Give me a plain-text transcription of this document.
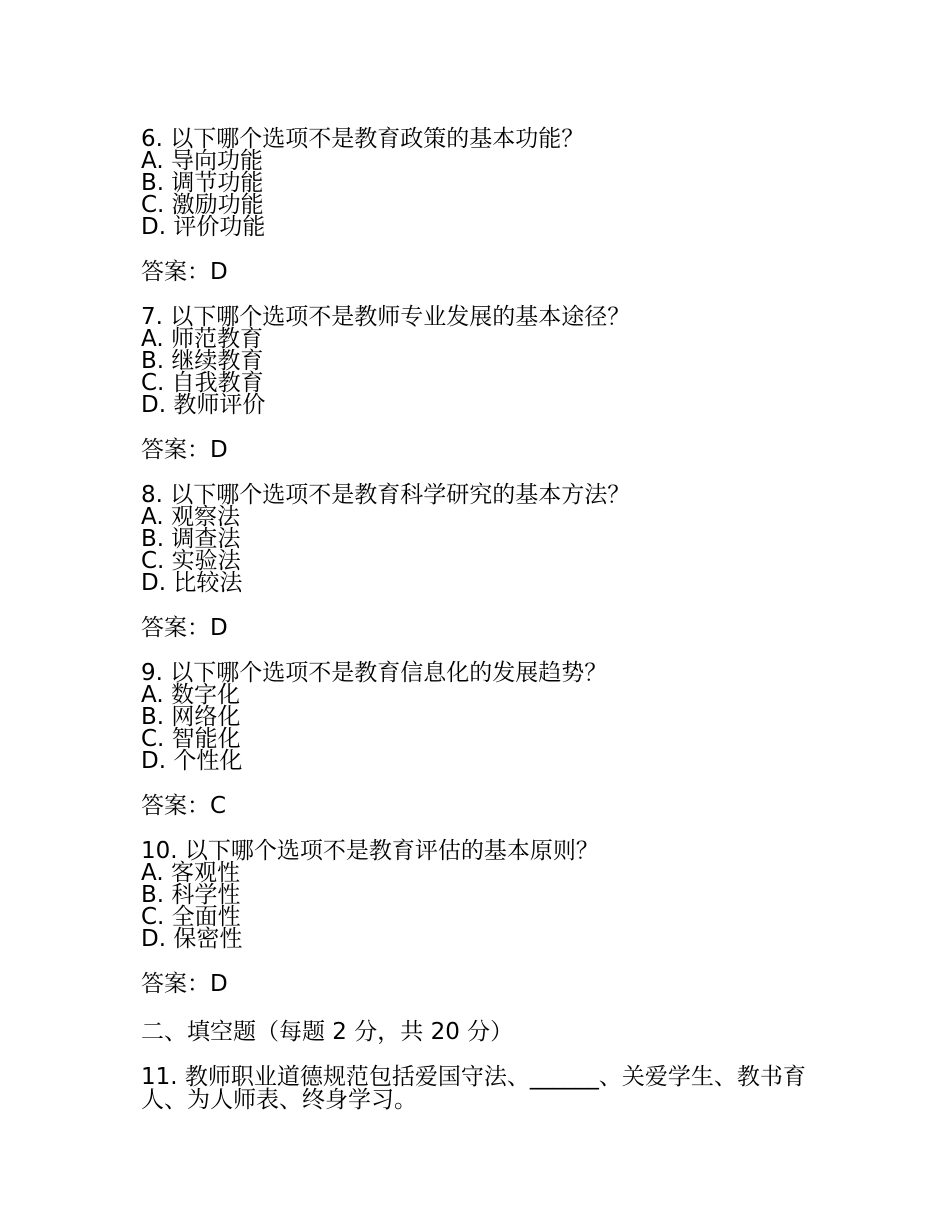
6. 以下哪个选项不是教育政策的基本功能？

A. 导向功能

B. 调节功能

C. 激励功能

D. 评价功能

答案：D

7. 以下哪个选项不是教师专业发展的基本途径？

A. 师范教育

B. 继续教育

C. 自我教育

D. 教师评价

答案：D

8. 以下哪个选项不是教育科学研究的基本方法？

A. 观察法

B. 调查法

C. 实验法

D. 比较法

答案：D

9. 以下哪个选项不是教育信息化的发展趋势？

A. 数字化

B. 网络化

C. 智能化

D. 个性化

答案：C

10. 以下哪个选项不是教育评估的基本原则？

A. 客观性

B. 科学性

C. 全面性

D. 保密性

答案：D

二、填空题（每题 2 分，共 20 分）

11. 教师职业道德规范包括爱国守法、______、关爱学生、教书育人、为人师表、终身学习。
